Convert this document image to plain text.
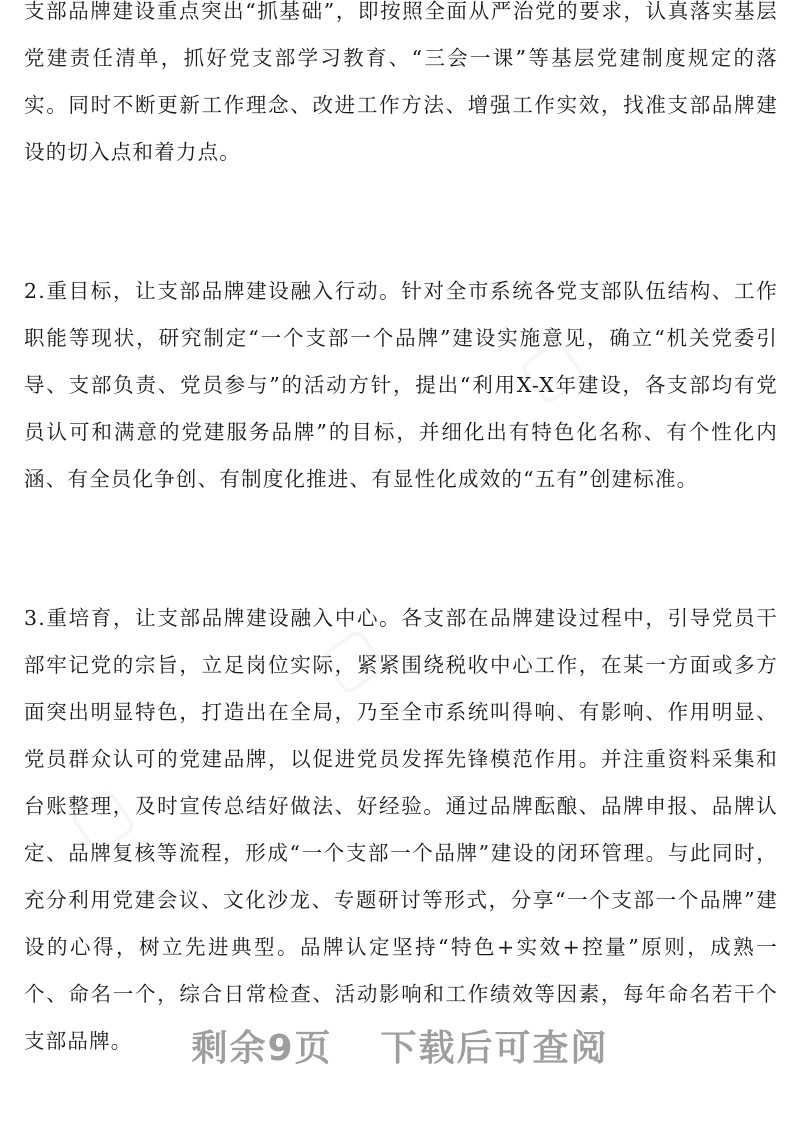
▢
▢
▢

支部品牌建设重点突出“抓基础”，即按照全面从严治党的要求，认真落实基层党建责任清单，抓好党支部学习教育、“三会一课”等基层党建制度规定的落实。同时不断更新工作理念、改进工作方法、增强工作实效，找准支部品牌建设的切入点和着力点。

2.重目标，让支部品牌建设融入行动。针对全市系统各党支部队伍结构、工作职能等现状，研究制定“一个支部一个品牌”建设实施意见，确立“机关党委引导、支部负责、党员参与”的活动方针，提出“利用X-X年建设，各支部均有党员认可和满意的党建服务品牌”的目标，并细化出有特色化名称、有个性化内涵、有全员化争创、有制度化推进、有显性化成效的“五有”创建标准。

3.重培育，让支部品牌建设融入中心。各支部在品牌建设过程中，引导党员干部牢记党的宗旨，立足岗位实际，紧紧围绕税收中心工作，在某一方面或多方面突出明显特色，打造出在全局，乃至全市系统叫得响、有影响、作用明显、党员群众认可的党建品牌，以促进党员发挥先锋模范作用。并注重资料采集和台账整理，及时宣传总结好做法、好经验。通过品牌酝酿、品牌申报、品牌认定、品牌复核等流程，形成“一个支部一个品牌”建设的闭环管理。与此同时，充分利用党建会议、文化沙龙、专题研讨等形式，分享“一个支部一个品牌”建设的心得，树立先进典型。品牌认定坚持“特色+实效+控量”原则，成熟一个、命名一个，综合日常检查、活动影响和工作绩效等因素，每年命名若干个支部品牌。	剩余9页 下载后可查阅
